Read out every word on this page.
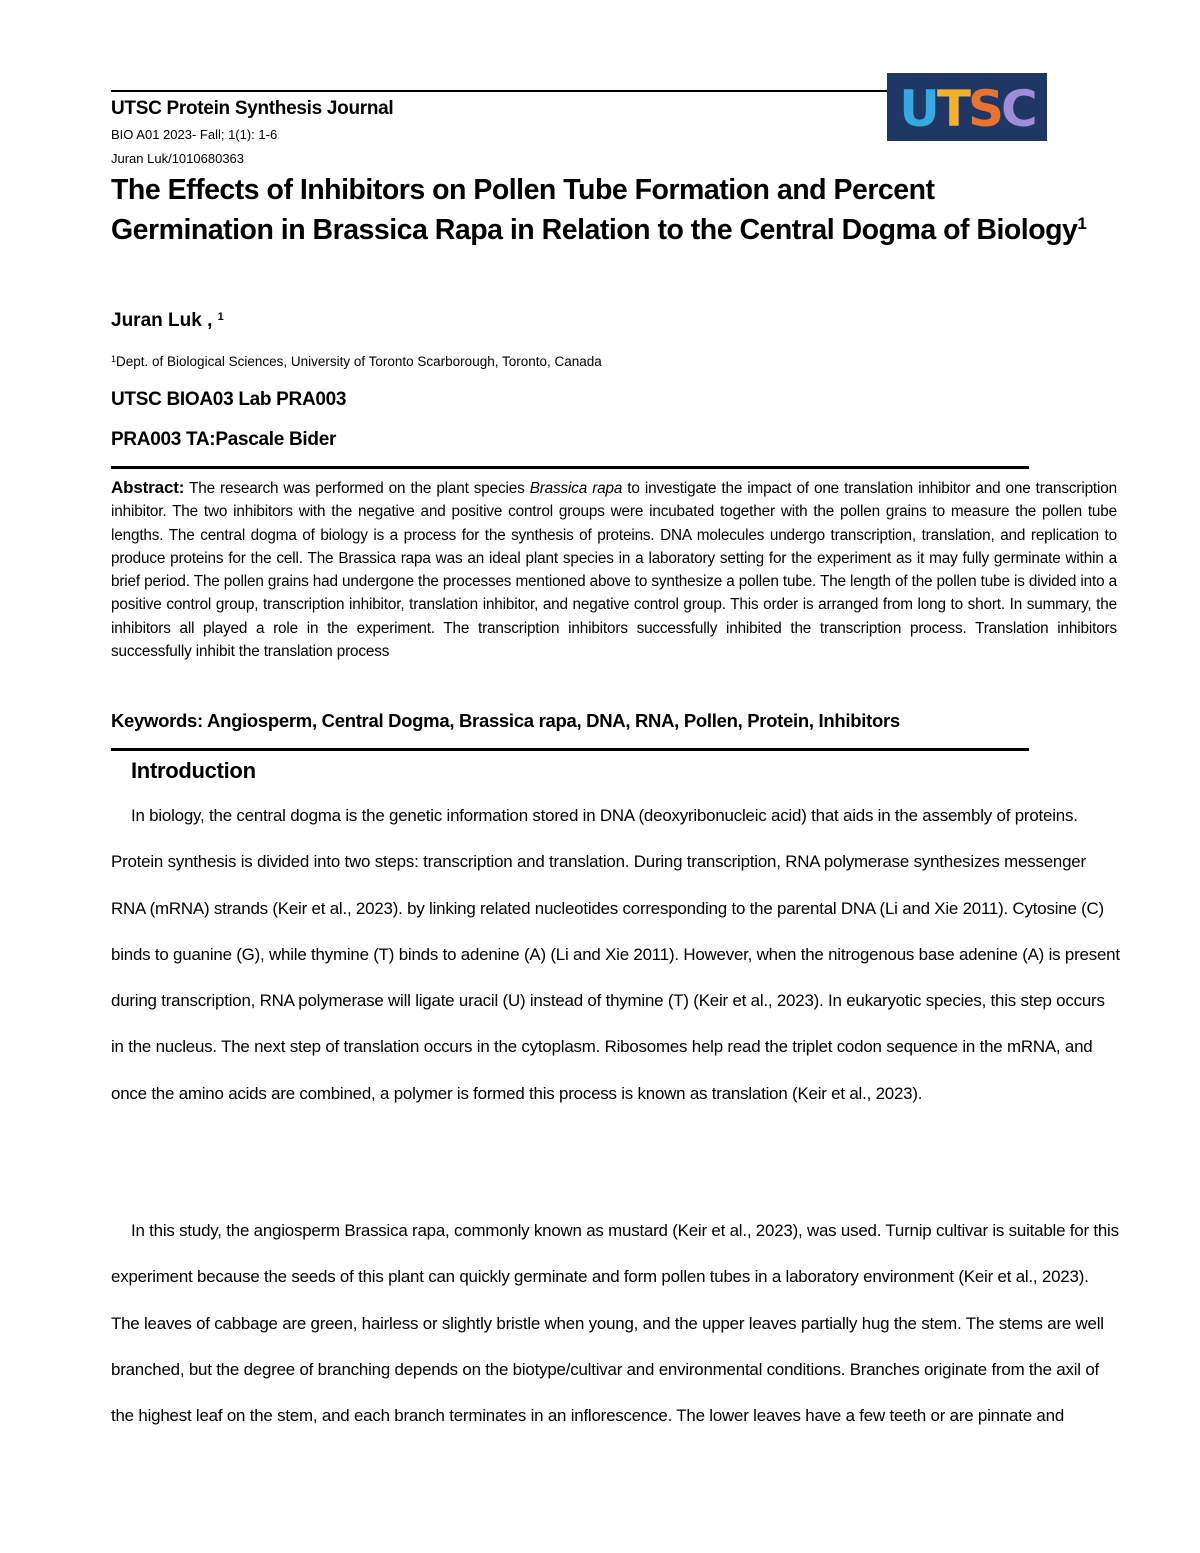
UTSC
UTSC Protein Synthesis Journal
BIO A01 2023- Fall; 1(1): 1-6
Juran Luk/1010680363
The Effects of Inhibitors on Pollen Tube Formation and Percent Germination in Brassica Rapa in Relation to the Central Dogma of Biology$^1$
Juran Luk , $^1$
$^1$Dept. of Biological Sciences, University of Toronto Scarborough, Toronto, Canada
UTSC BIOA03 Lab PRA003
PRA003 TA:Pascale Bider

Abstract: The research was performed on the plant species Brassica rapa to investigate the impact of one translation inhibitor and one transcription inhibitor. The two inhibitors with the negative and positive control groups were incubated together with the pollen grains to measure the pollen tube lengths. The central dogma of biology is a process for the synthesis of proteins. DNA molecules undergo transcription, translation, and replication to produce proteins for the cell. The Brassica rapa was an ideal plant species in a laboratory setting for the experiment as it may fully germinate within a brief period. The pollen grains had undergone the processes mentioned above to synthesize a pollen tube. The length of the pollen tube is divided into a positive control group, transcription inhibitor, translation inhibitor, and negative control group. This order is arranged from long to short. In summary, the inhibitors all played a role in the experiment. The transcription inhibitors successfully inhibited the transcription process. Translation inhibitors successfully inhibit the translation process

Keywords: Angiosperm, Central Dogma, Brassica rapa, DNA, RNA, Pollen, Protein, Inhibitors
Introduction

In biology, the central dogma is the genetic information stored in DNA (deoxyribonucleic acid) that aids in the assembly of proteins. Protein synthesis is divided into two steps: transcription and translation. During transcription, RNA polymerase synthesizes messenger RNA (mRNA) strands (Keir et al., 2023). by linking related nucleotides corresponding to the parental DNA (Li and Xie 2011). Cytosine (C) binds to guanine (G), while thymine (T) binds to adenine (A) (Li and Xie 2011). However, when the nitrogenous base adenine (A) is present during transcription, RNA polymerase will ligate uracil (U) instead of thymine (T) (Keir et al., 2023). In eukaryotic species, this step occurs in the nucleus. The next step of translation occurs in the cytoplasm. Ribosomes help read the triplet codon sequence in the mRNA, and once the amino acids are combined, a polymer is formed this process is known as translation (Keir et al., 2023).

In this study, the angiosperm Brassica rapa, commonly known as mustard (Keir et al., 2023), was used. Turnip cultivar is suitable for this experiment because the seeds of this plant can quickly germinate and form pollen tubes in a laboratory environment (Keir et al., 2023). The leaves of cabbage are green, hairless or slightly bristle when young, and the upper leaves partially hug the stem. The stems are well branched, but the degree of branching depends on the biotype/cultivar and environmental conditions. Branches originate from the axil of the highest leaf on the stem, and each branch terminates in an inflorescence. The lower leaves have a few teeth or are pinnate and
